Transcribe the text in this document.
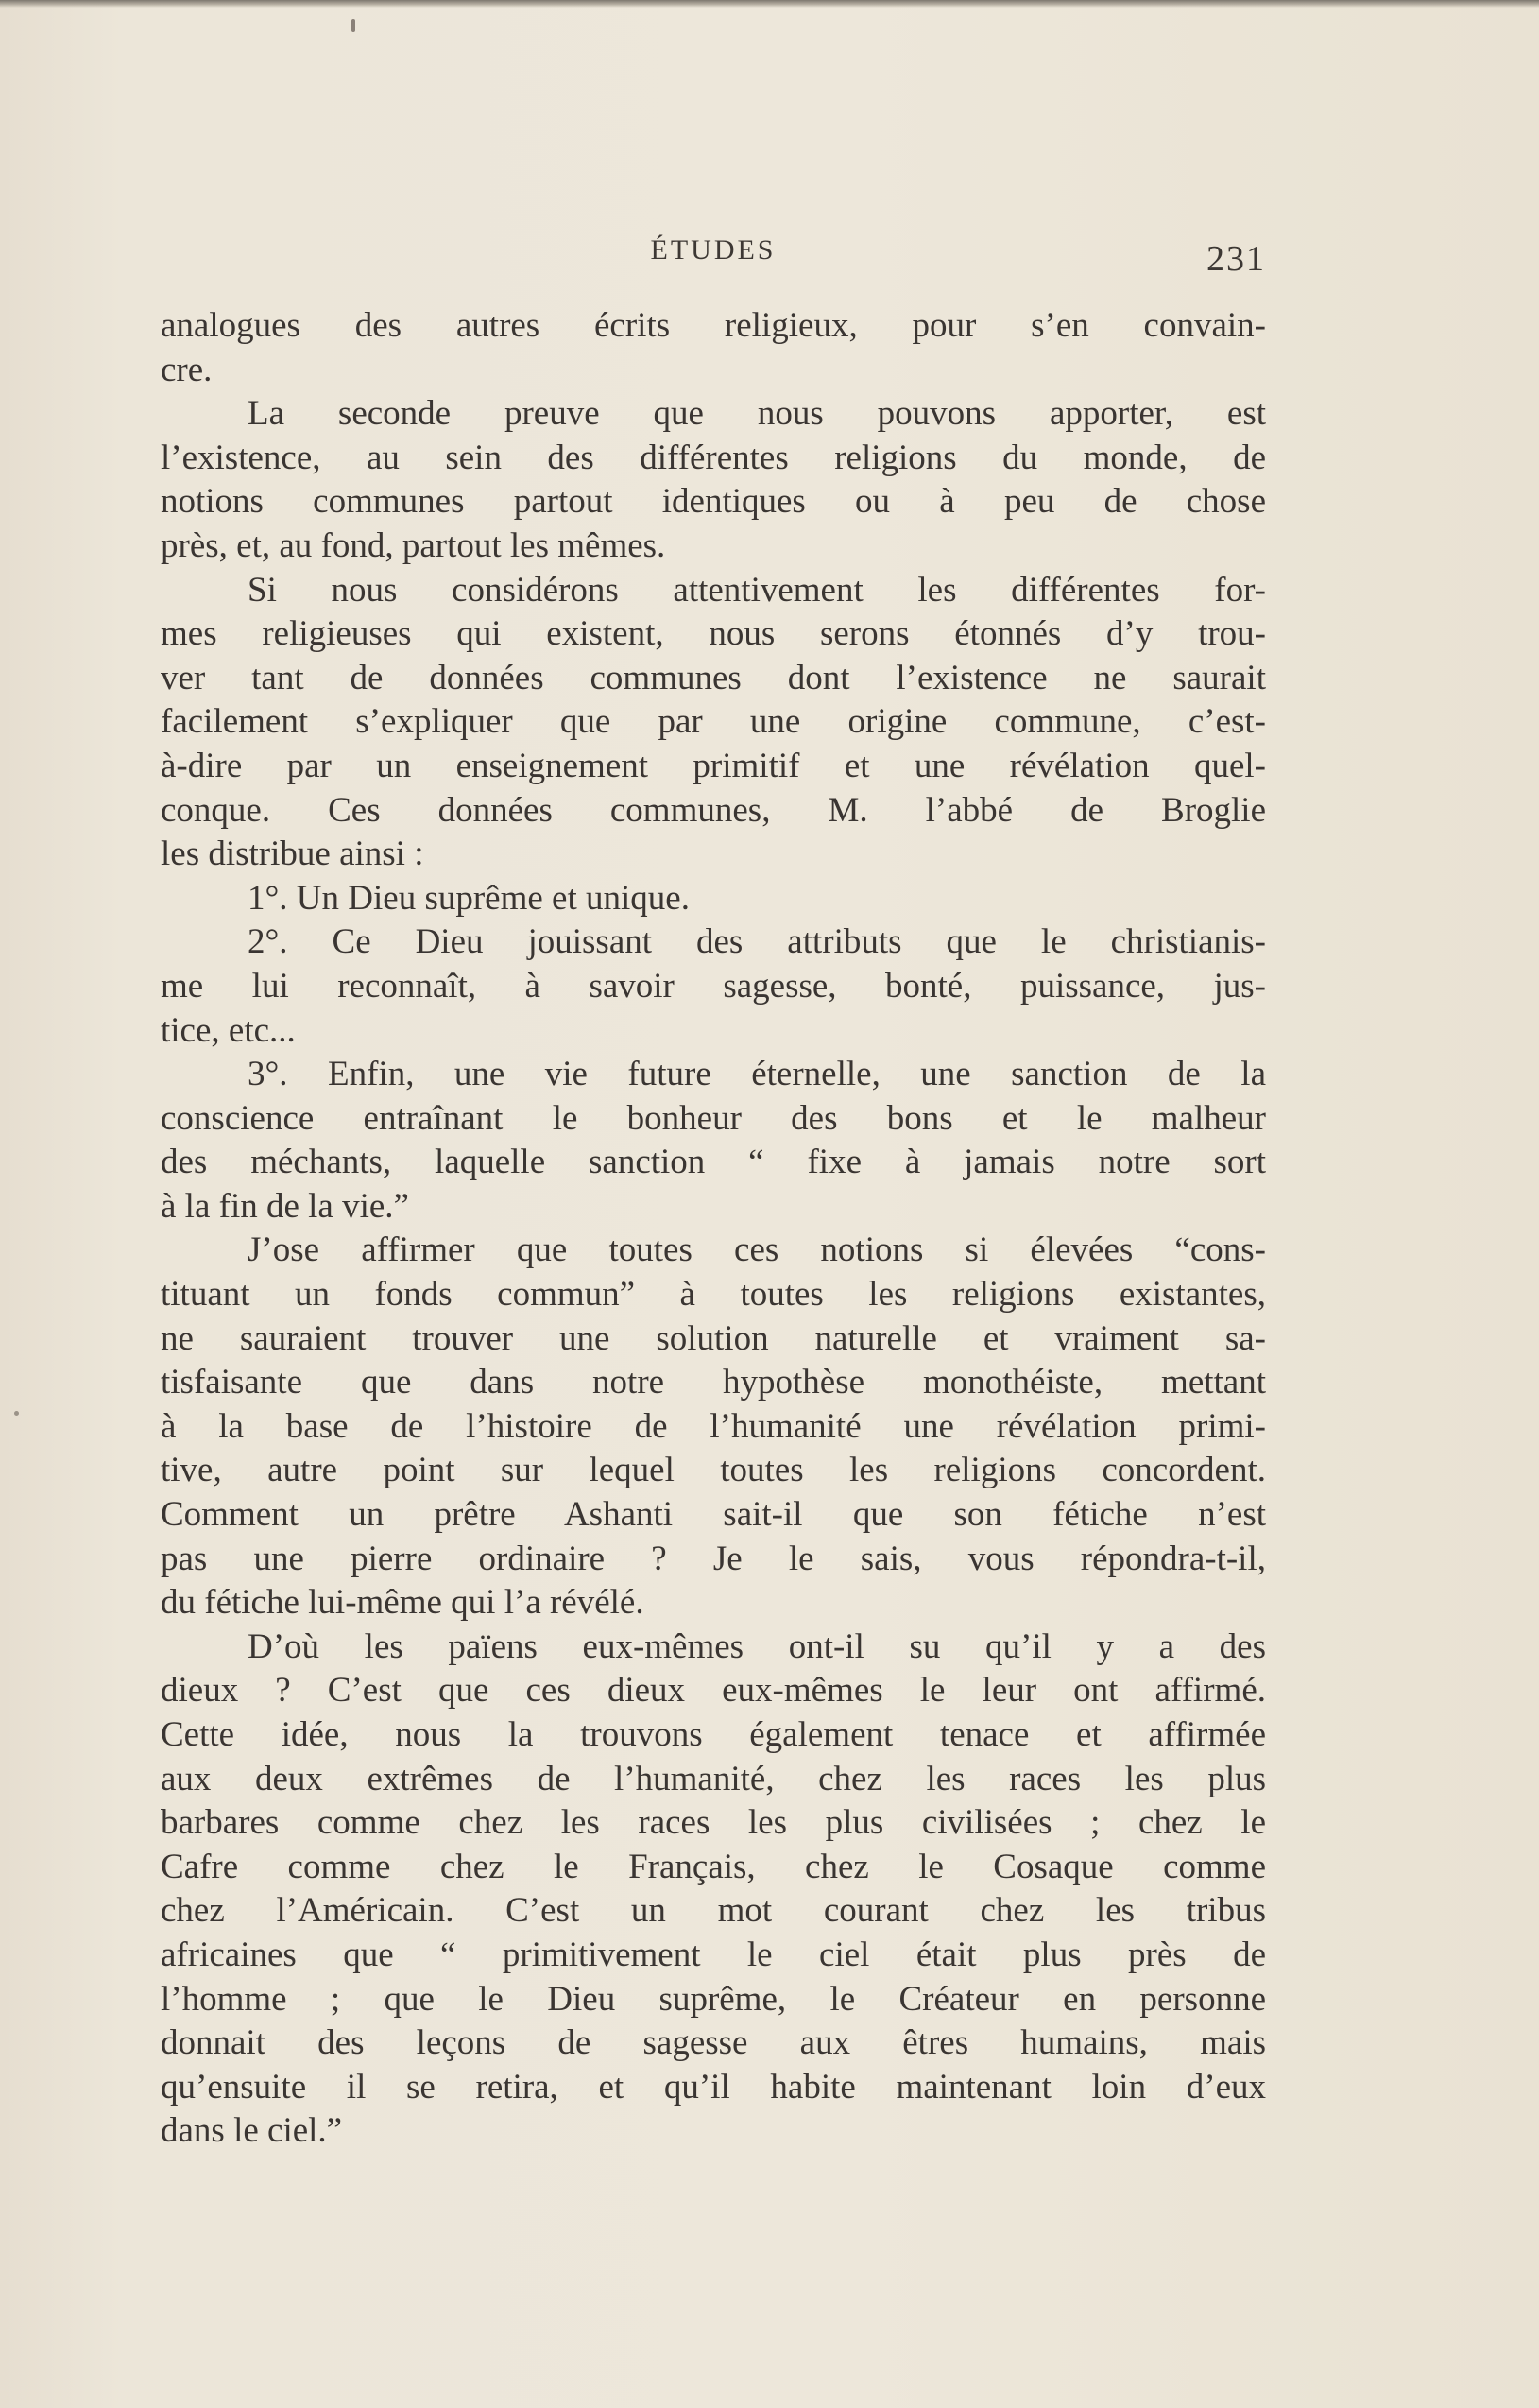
ÉTUDES	231
analogues des autres écrits religieux, pour s’en convain-
cre.
La seconde preuve que nous pouvons apporter, est
l’existence, au sein des différentes religions du monde, de
notions communes partout identiques ou à peu de chose
près, et, au fond, partout les mêmes.
Si nous considérons attentivement les différentes for-
mes religieuses qui existent, nous serons étonnés d’y trou-
ver tant de données communes dont l’existence ne saurait
facilement s’expliquer que par une origine commune, c’est-
à-dire par un enseignement primitif et une révélation quel-
conque. Ces données communes, M. l’abbé de Broglie
les distribue ainsi :
1°. Un Dieu suprême et unique.
2°. Ce Dieu jouissant des attributs que le christianis-
me lui reconnaît, à savoir sagesse, bonté, puissance, jus-
tice, etc...
3°. Enfin, une vie future éternelle, une sanction de la
conscience entraînant le bonheur des bons et le malheur
des méchants, laquelle sanction “ fixe à jamais notre sort
à la fin de la vie.”
J’ose affirmer que toutes ces notions si élevées “cons-
tituant un fonds commun” à toutes les religions existantes,
ne sauraient trouver une solution naturelle et vraiment sa-
tisfaisante que dans notre hypothèse monothéiste, mettant
à la base de l’histoire de l’humanité une révélation primi-
tive, autre point sur lequel toutes les religions concordent.
Comment un prêtre Ashanti sait-il que son fétiche n’est
pas une pierre ordinaire ? Je le sais, vous répondra-t-il,
du fétiche lui-même qui l’a révélé.
D’où les païens eux-mêmes ont-il su qu’il y a des
dieux ? C’est que ces dieux eux-mêmes le leur ont affirmé.
Cette idée, nous la trouvons également tenace et affirmée
aux deux extrêmes de l’humanité, chez les races les plus
barbares comme chez les races les plus civilisées ; chez le
Cafre comme chez le Français, chez le Cosaque comme
chez l’Américain. C’est un mot courant chez les tribus
africaines que “ primitivement le ciel était plus près de
l’homme ; que le Dieu suprême, le Créateur en personne
donnait des leçons de sagesse aux êtres humains, mais
qu’ensuite il se retira, et qu’il habite maintenant loin d’eux
dans le ciel.”
